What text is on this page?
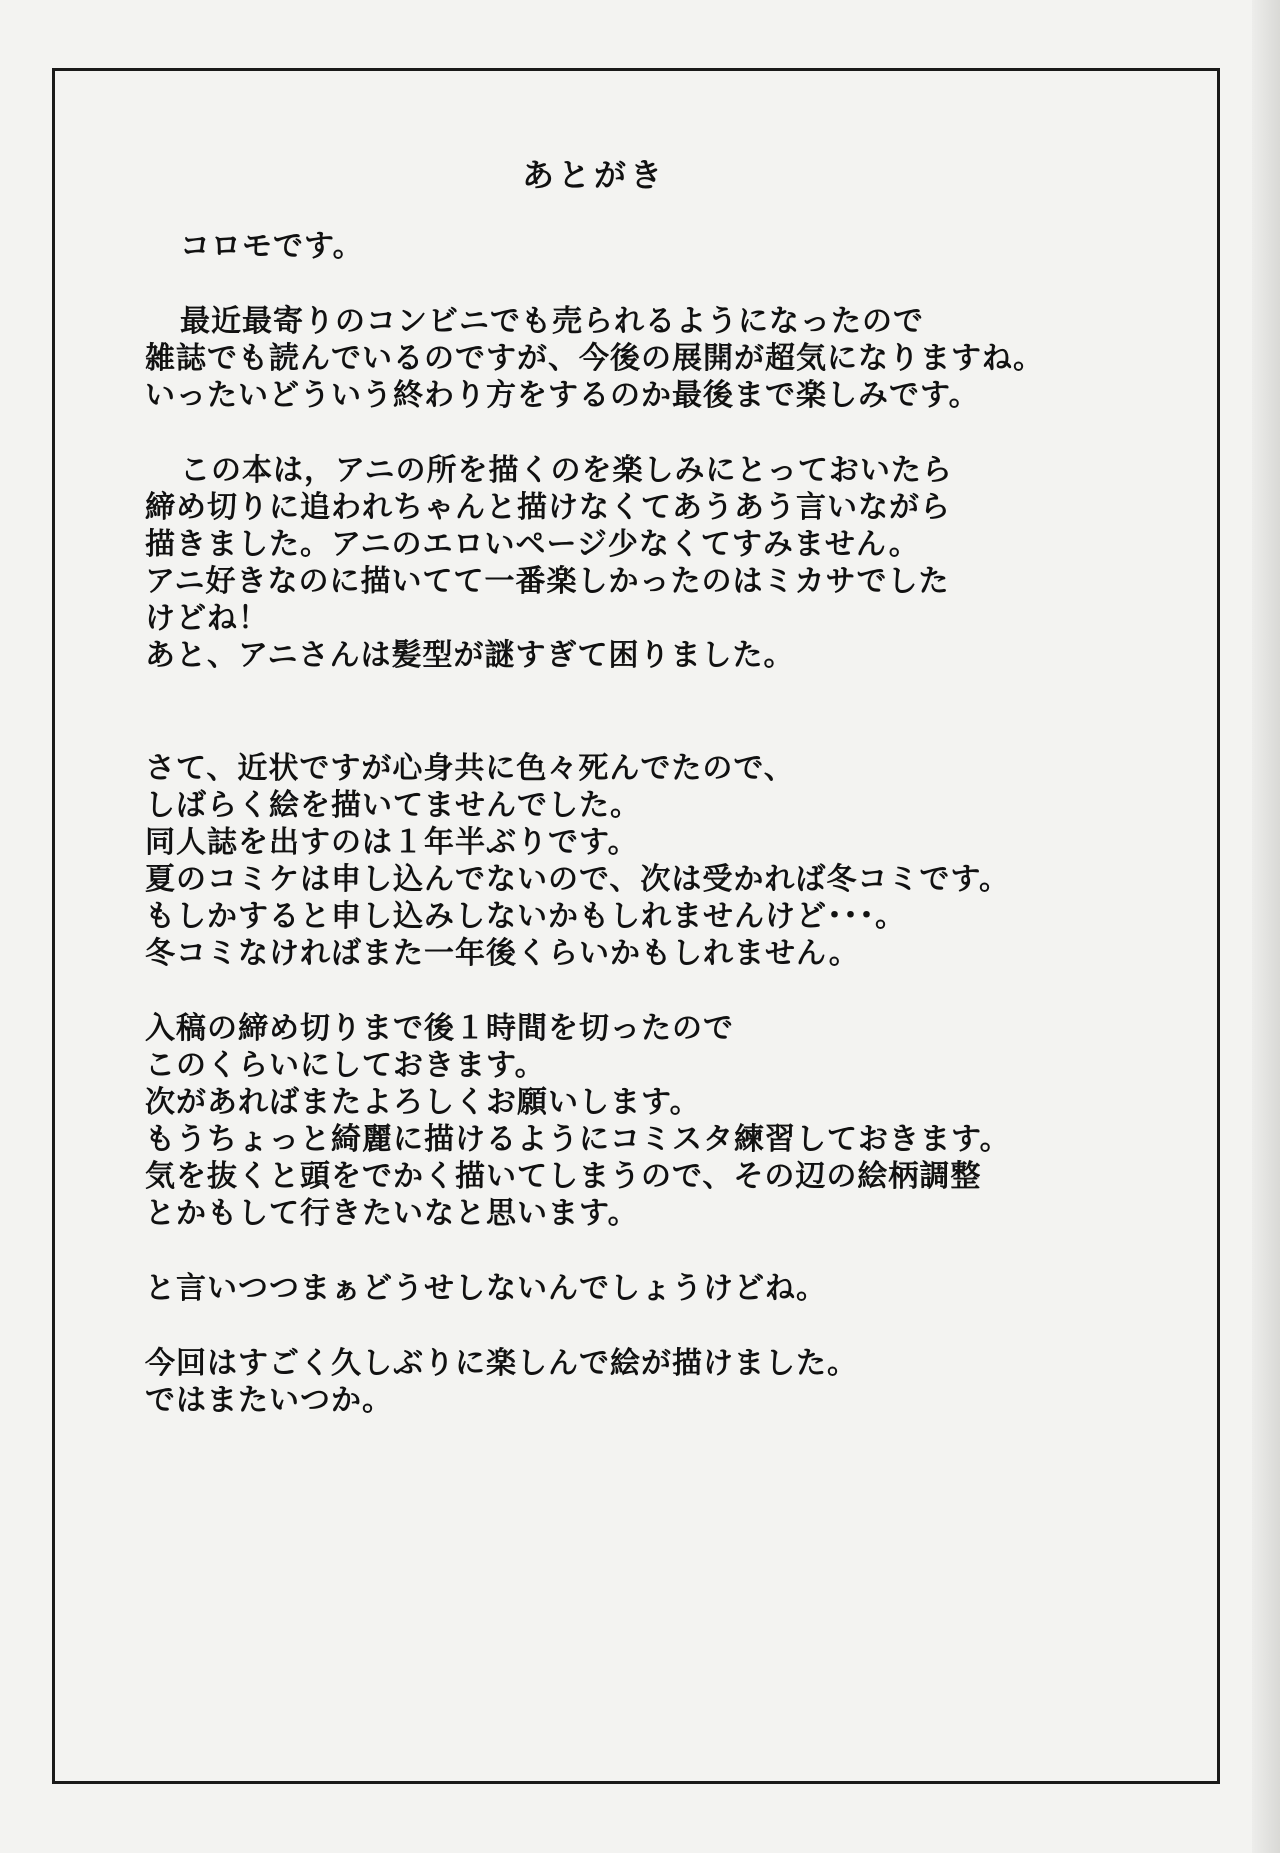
あとがき
コロモです。
最近最寄りのコンビニでも売られるようになったので
雑誌でも読んでいるのですが、今後の展開が超気になりますね。
いったいどういう終わり方をするのか最後まで楽しみです。
この本は，アニの所を描くのを楽しみにとっておいたら
締め切りに追われちゃんと描けなくてあうあう言いながら
描きました。アニのエロいページ少なくてすみません。
アニ好きなのに描いてて一番楽しかったのはミカサでした
けどね！
あと、アニさんは髪型が謎すぎて困りました。
さて、近状ですが心身共に色々死んでたので、
しばらく絵を描いてませんでした。
同人誌を出すのは１年半ぶりです。
夏のコミケは申し込んでないので、次は受かれば冬コミです。
もしかすると申し込みしないかもしれませんけど･･･。
冬コミなければまた一年後くらいかもしれません。
入稿の締め切りまで後１時間を切ったので
このくらいにしておきます。
次があればまたよろしくお願いします。
もうちょっと綺麗に描けるようにコミスタ練習しておきます。
気を抜くと頭をでかく描いてしまうので、その辺の絵柄調整
とかもして行きたいなと思います。
と言いつつまぁどうせしないんでしょうけどね。
今回はすごく久しぶりに楽しんで絵が描けました。
ではまたいつか。
